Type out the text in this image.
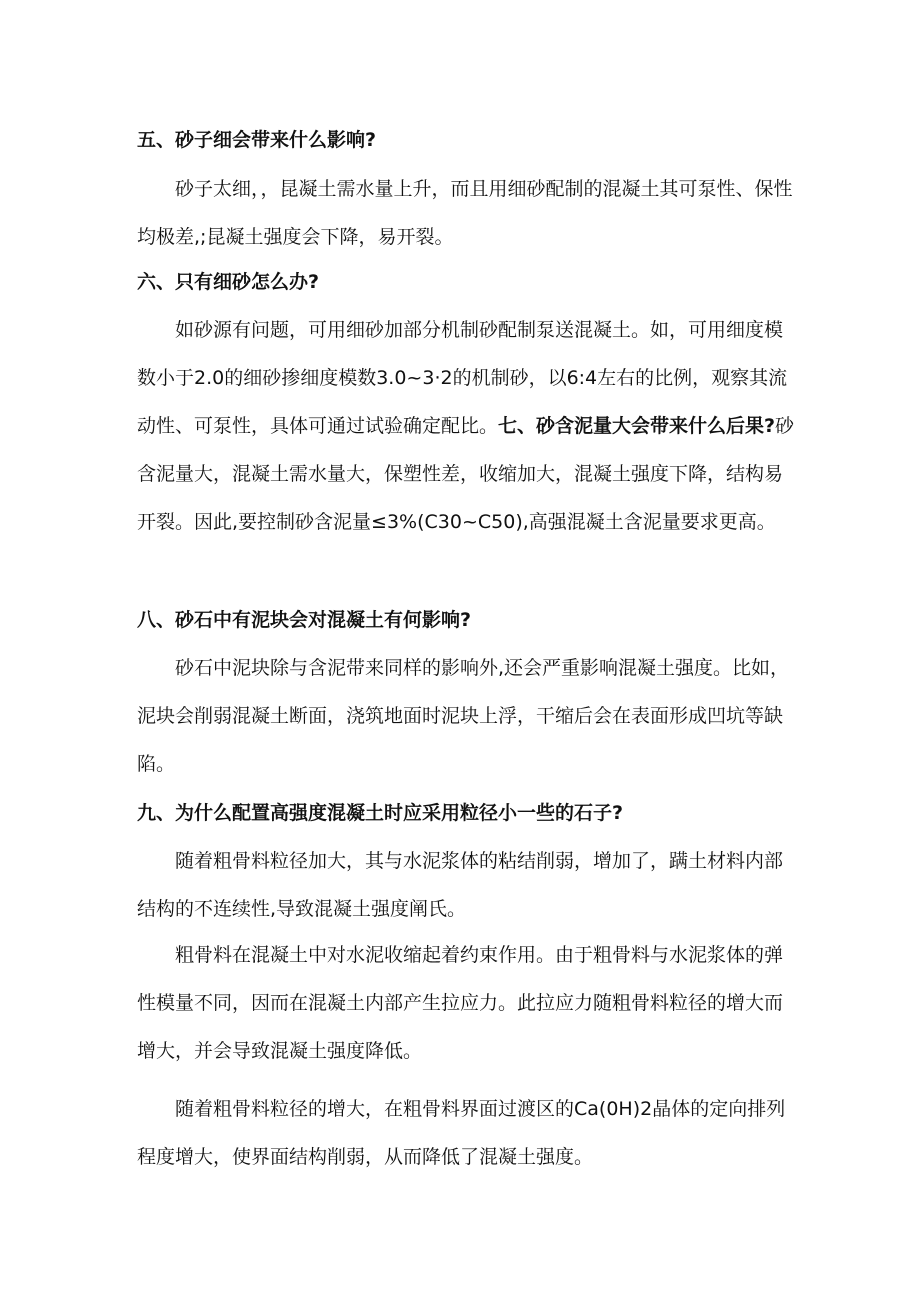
五、砂子细会带来什么影响?
砂子太细，，昆凝土需水量上升，而且用细砂配制的混凝土其可泵性、保性均极差,;昆凝土强度会下降，易开裂。
六、只有细砂怎么办?
如砂源有问题，可用细砂加部分机制砂配制泵送混凝土。如，可用细度模数小于2.0的细砂掺细度模数3.0~3·2的机制砂，以6:4左右的比例，观察其流动性、可泵性，具体可通过试验确定配比。七、砂含泥量大会带来什么后果?砂含泥量大，混凝土需水量大，保塑性差，收缩加大，混凝土强度下降，结构易开裂。因此,要控制砂含泥量≤3%(C30~C50),高强混凝土含泥量要求更高。
八、砂石中有泥块会对混凝土有何影响?
砂石中泥块除与含泥带来同样的影响外,还会严重影响混凝土强度。比如，泥块会削弱混凝土断面，浇筑地面时泥块上浮，干缩后会在表面形成凹坑等缺陷。
九、为什么配置高强度混凝土时应采用粒径小一些的石子?
随着粗骨料粒径加大，其与水泥浆体的粘结削弱，增加了，蹒土材料内部结构的不连续性,导致混凝土强度阐氏。
粗骨料在混凝土中对水泥收缩起着约束作用。由于粗骨料与水泥浆体的弹性模量不同，因而在混凝土内部产生拉应力。此拉应力随粗骨料粒径的增大而增大，并会导致混凝土强度降低。
随着粗骨料粒径的增大，在粗骨料界面过渡区的Ca(0H)2晶体的定向排列程度增大，使界面结构削弱，从而降低了混凝土强度。
